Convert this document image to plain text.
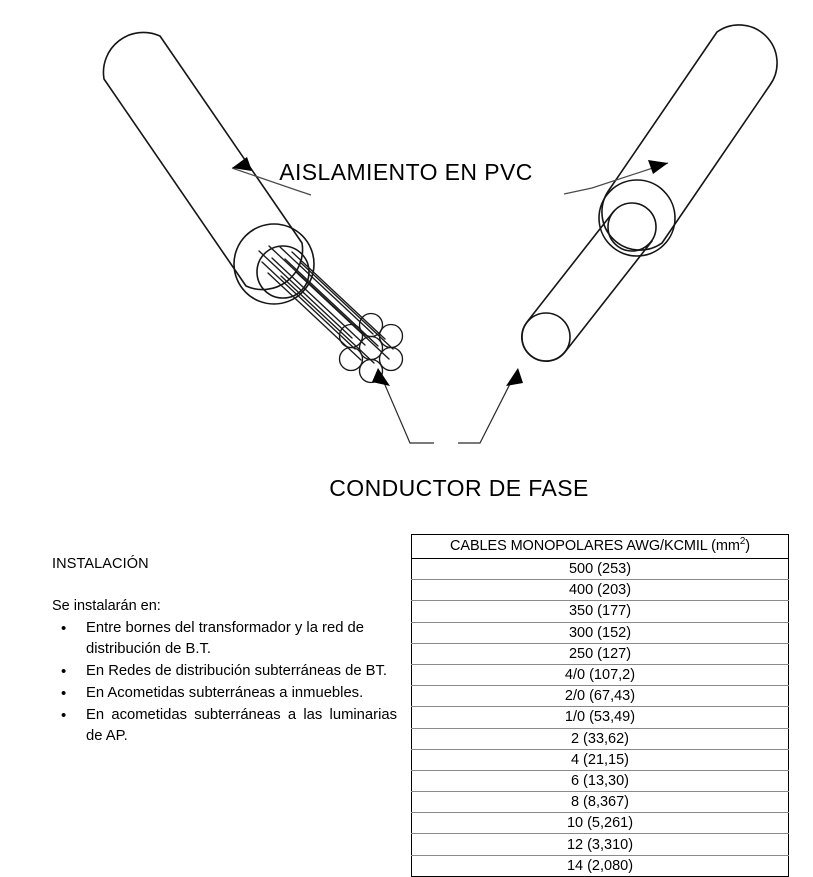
AISLAMIENTO EN PVC
CONDUCTOR DE FASE
INSTALACIÓN

Se instalarán en:

• Entre bornes del transformador y la red de distribución de B.T.
• En Redes de distribución subterráneas de BT.
• En Acometidas subterráneas a inmuebles.
• En acometidas subterráneas a las luminarias de AP.
CABLES MONOPOLARES AWG/KCMIL $(mm^2)$
500 (253)
400 (203)
350 (177)
300 (152)
250 (127)
4/0 (107,2)
2/0 (67,43)
1/0 (53,49)
2 (33,62)
4 (21,15)
6 (13,30)
8 (8,367)
10 (5,261)
12 (3,310)
14 (2,080)
